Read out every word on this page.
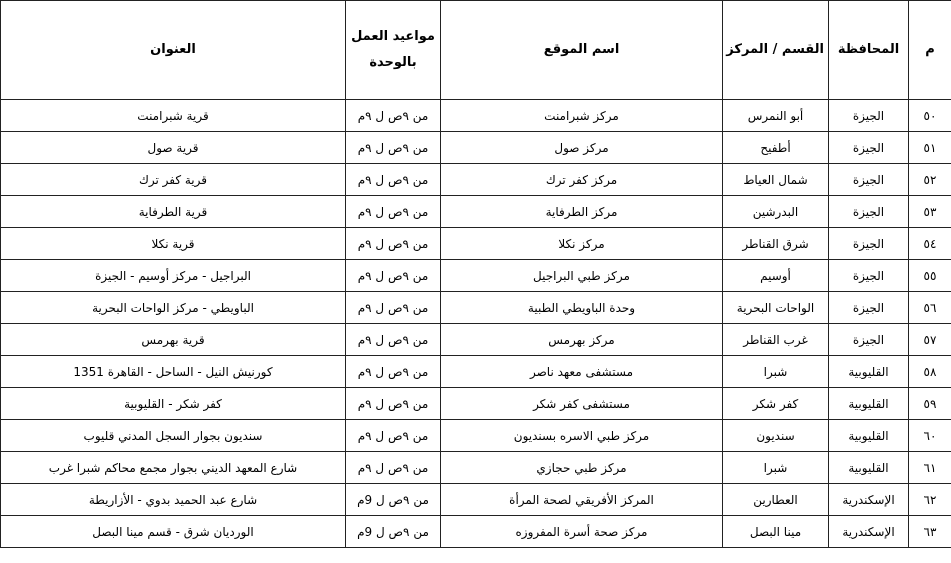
م	المحافظة	القسم / المركز	اسم الموقع	مواعيد العمل بالوحدة	العنوان
٥٠	الجيزة	أبو النمرس	مركز شبرامنت	من ٩ص ل ٩م	قرية شبرامنت
٥١	الجيزة	أطفيح	مركز صول	من ٩ص ل ٩م	قرية صول
٥٢	الجيزة	شمال العياط	مركز كفر ترك	من ٩ص ل ٩م	قرية كفر ترك
٥٣	الجيزة	البدرشين	مركز الطرفاية	من ٩ص ل ٩م	قرية الطرفاية
٥٤	الجيزة	شرق القناطر	مركز نكلا	من ٩ص ل ٩م	قرية نكلا
٥٥	الجيزة	أوسيم	مركز طبي البراجيل	من ٩ص ل ٩م	البراجيل - مركز أوسيم - الجيزة
٥٦	الجيزة	الواحات البحرية	وحدة الباويطي الطبية	من ٩ص ل ٩م	الباويطي - مركز الواحات البحرية
٥٧	الجيزة	غرب القناطر	مركز بهرمس	من ٩ص ل ٩م	قرية بهرمس
٥٨	القليوبية	شبرا	مستشفى معهد ناصر	من ٩ص ل ٩م	كورنيش النيل - الساحل - القاهرة 1351
٥٩	القليوبية	كفر شكر	مستشفى كفر شكر	من ٩ص ل ٩م	كفر شكر - القليوبية
٦٠	القليوبية	سنديون	مركز طبي الاسره بسنديون	من ٩ص ل ٩م	سنديون بجوار السجل المدني قليوب
٦١	القليوبية	شبرا	مركز طبي حجازي	من ٩ص ل ٩م	شارع المعهد الديني بجوار مجمع محاكم شبرا غرب
٦٢	الإسكندرية	العطارين	المركز الأفريقي لصحة المرأة	من ٩ص ل 9م	شارع عبد الحميد بدوي - الأزاريطة
٦٣	الإسكندرية	مينا البصل	مركز صحة أسرة المفروزه	من ٩ص ل 9م	الورديان شرق - قسم مينا البصل
